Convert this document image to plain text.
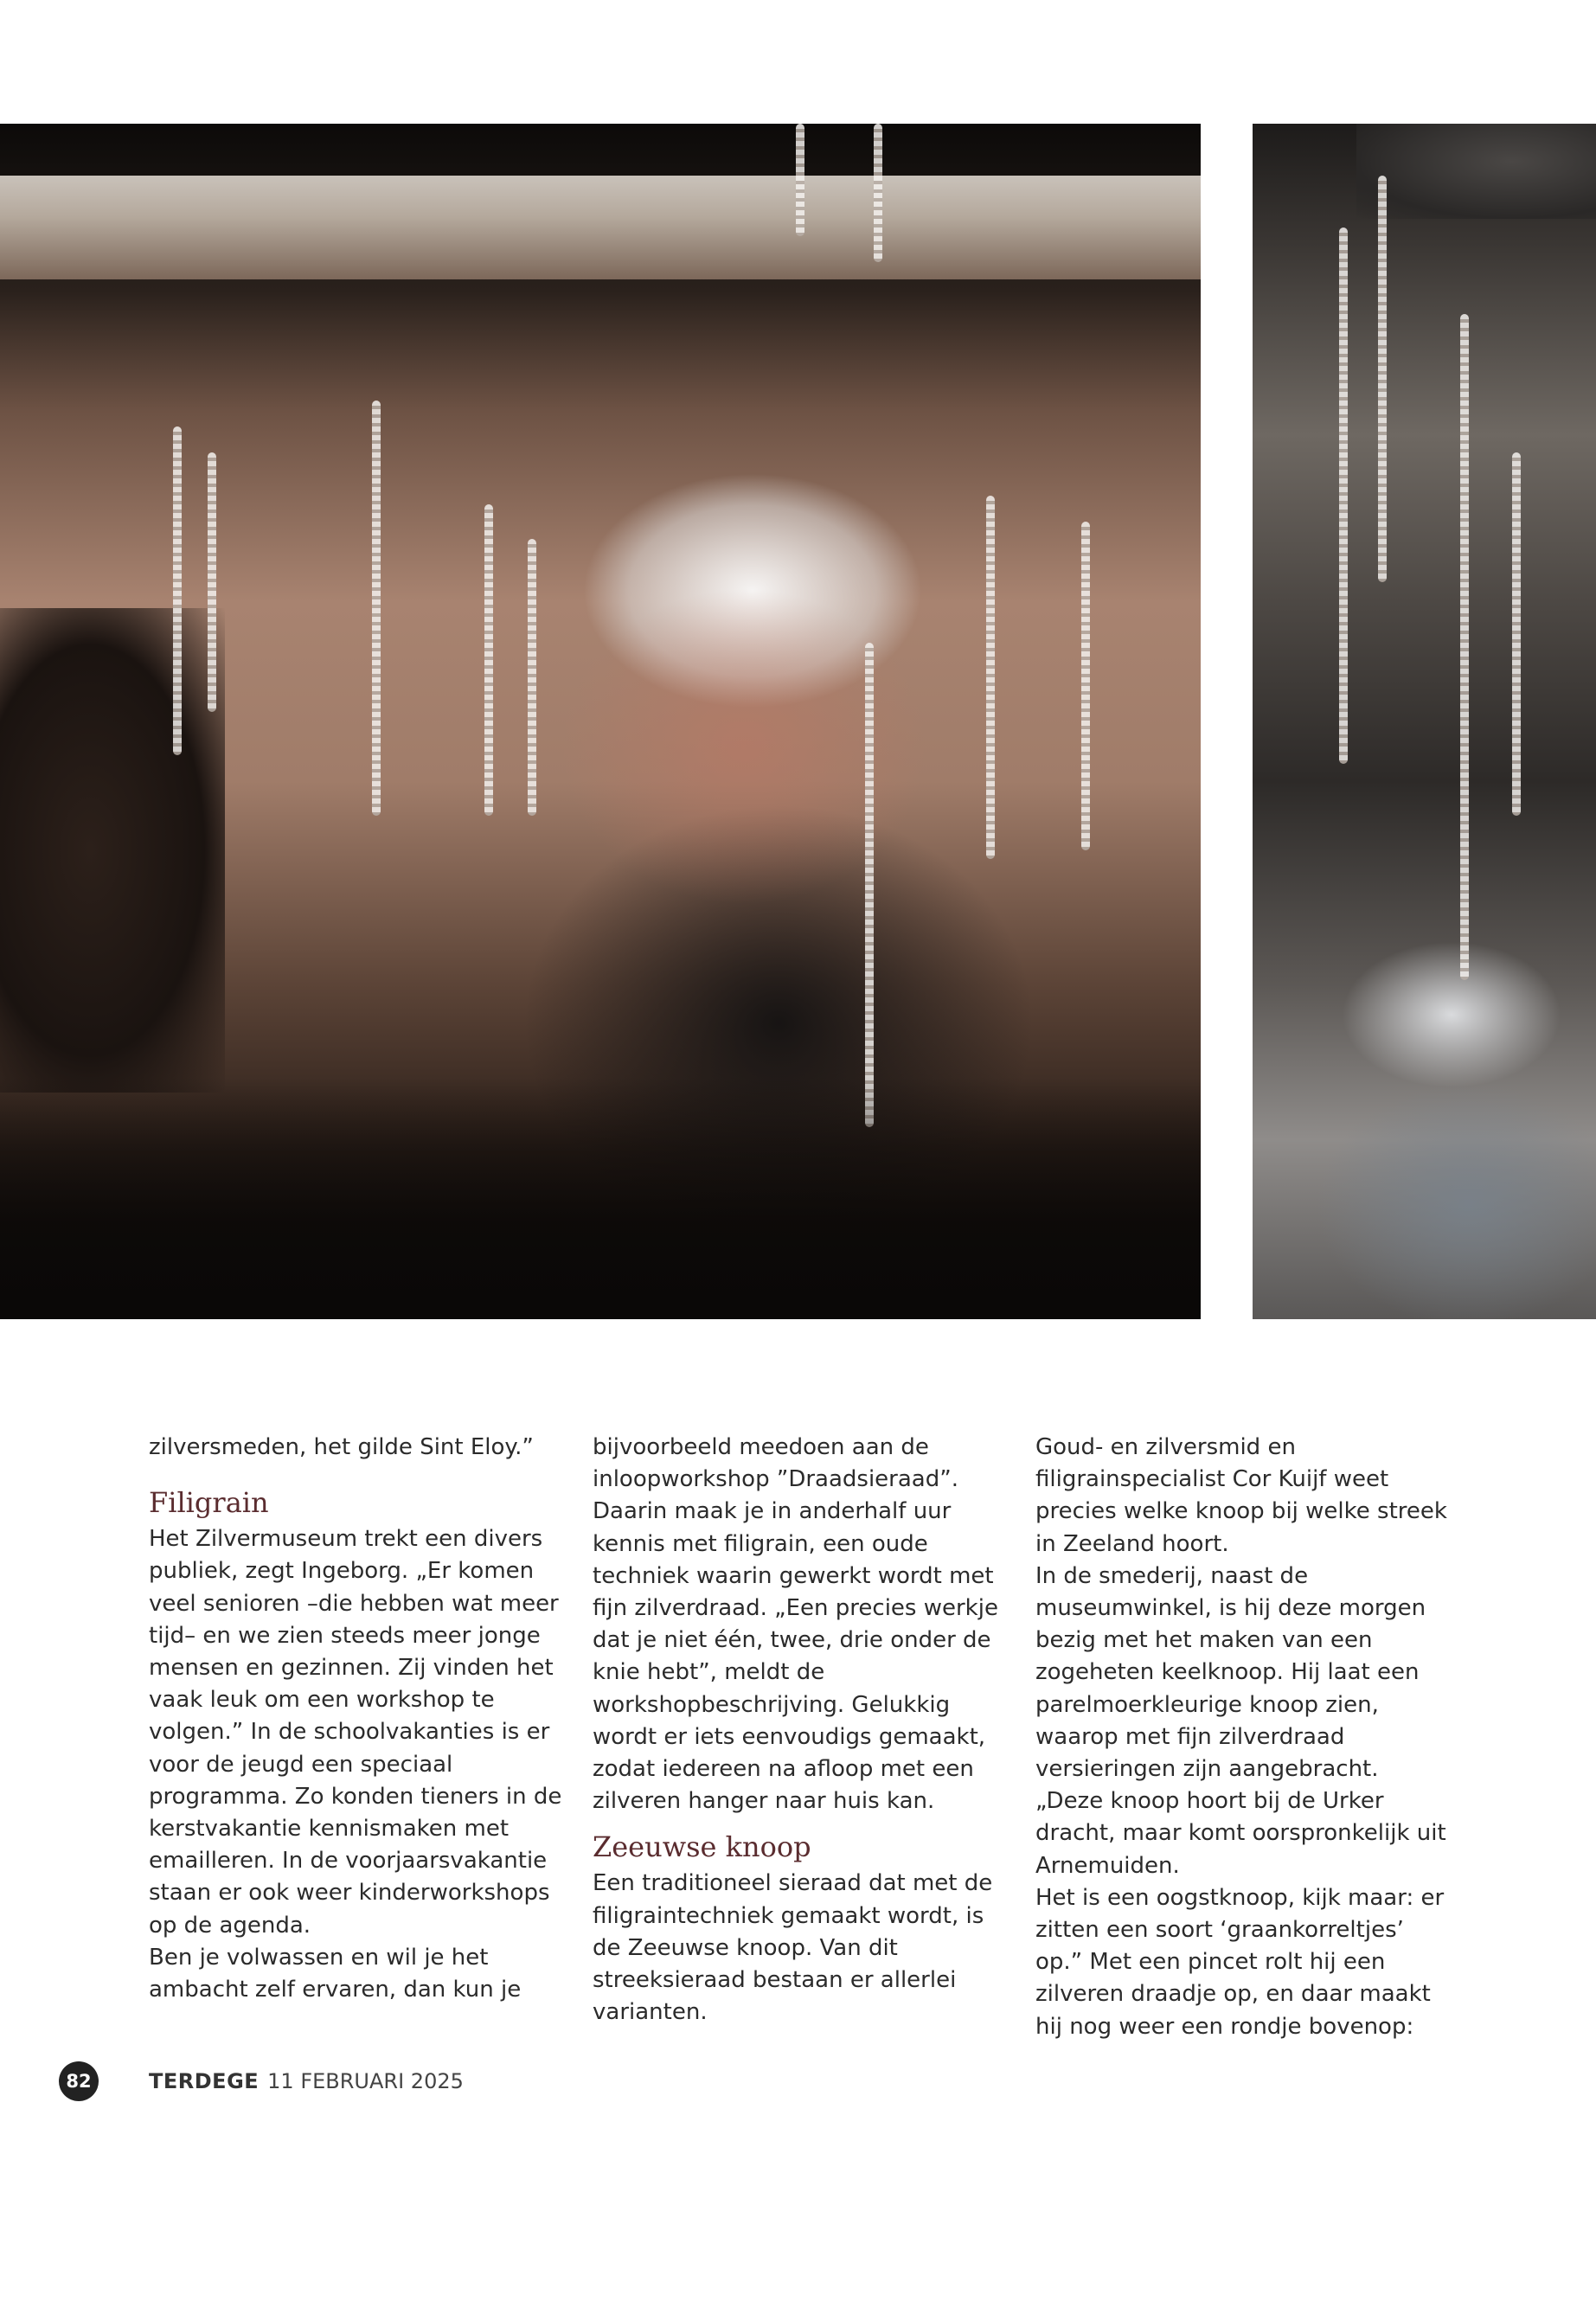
zilversmeden, het gilde Sint Eloy.”

Filigrain

Het Zilvermuseum trekt een divers publiek, zegt Ingeborg. „Er komen veel senioren –die hebben wat meer tijd– en we zien steeds meer jonge mensen en gezinnen. Zij vinden het vaak leuk om een workshop te volgen.” In de schoolvakanties is er voor de jeugd een speciaal programma. Zo konden tieners in de kerstvakantie kennismaken met emailleren. In de voorjaarsvakantie staan er ook weer kinderworkshops op de agenda.

Ben je volwassen en wil je het ambacht zelf ervaren, dan kun je

bijvoorbeeld meedoen aan de inloopworkshop ”Draadsieraad”. Daarin maak je in anderhalf uur kennis met filigrain, een oude techniek waarin gewerkt wordt met fijn zilverdraad. „Een precies werkje dat je niet één, twee, drie onder de knie hebt”, meldt de workshopbeschrijving. Gelukkig wordt er iets eenvoudigs gemaakt, zodat iedereen na afloop met een zilveren hanger naar huis kan.

Zeeuwse knoop

Een traditioneel sieraad dat met de filigraintechniek gemaakt wordt, is de Zeeuwse knoop. Van dit streeksieraad bestaan er allerlei varianten.

Goud- en zilversmid en filigrainspecialist Cor Kuijf weet precies welke knoop bij welke streek in Zeeland hoort.

In de smederij, naast de museumwinkel, is hij deze morgen bezig met het maken van een zogeheten keelknoop. Hij laat een parelmoerkleurige knoop zien, waarop met fijn zilverdraad versieringen zijn aangebracht. „Deze knoop hoort bij de Urker dracht, maar komt oorspronkelijk uit Arnemuiden.

Het is een oogstknoop, kijk maar: er zitten een soort ‘graankorreltjes’ op.” Met een pincet rolt hij een zilveren draadje op, en daar maakt hij nog weer een rondje bovenop:

82	TERDEGE 11 FEBRUARI 2025
